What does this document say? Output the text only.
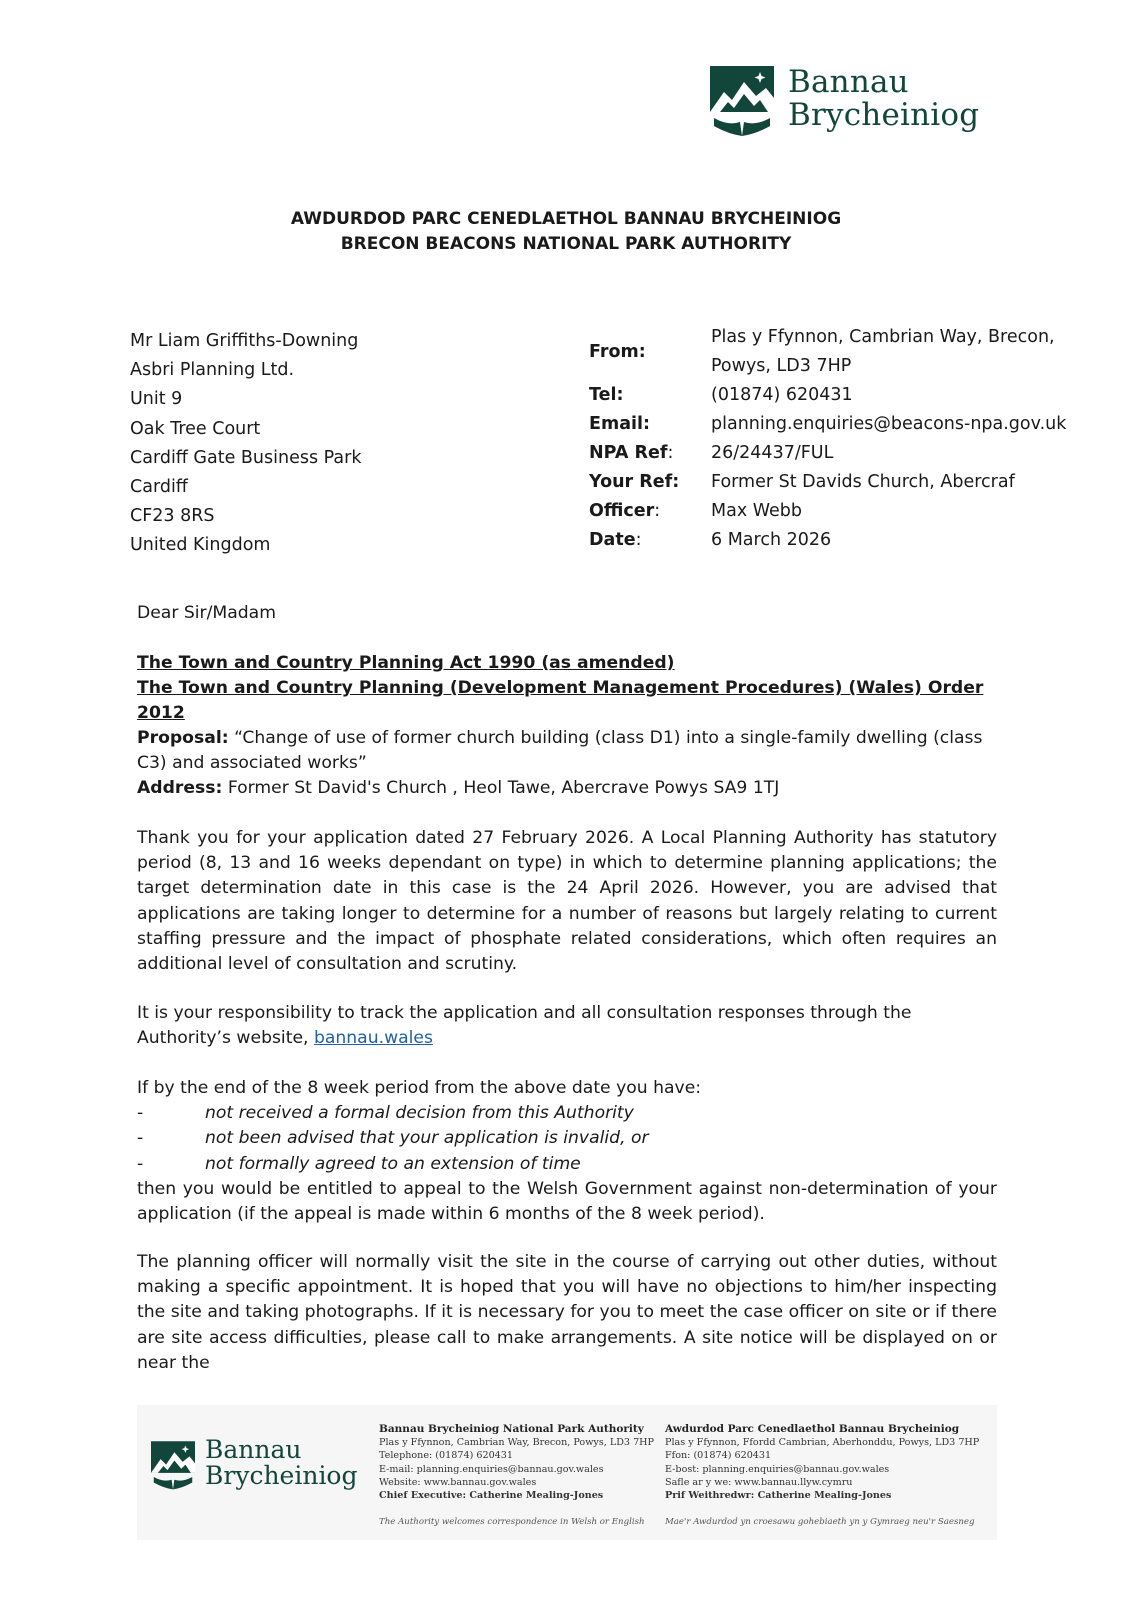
Bannau
Brycheiniog
AWDURDOD PARC CENEDLAETHOL BANNAU BRYCHEINIOG
BRECON BEACONS NATIONAL PARK AUTHORITY
Mr Liam Griffiths-Downing
Asbri Planning Ltd.
Unit 9
Oak Tree Court
Cardiff Gate Business Park
Cardiff
CF23 8RS
United Kingdom
From:
Plas y Ffynnon, Cambrian Way, Brecon,
Powys, LD3 7HP
Tel:	(01874) 620431
Email:	planning.enquiries@beacons-npa.gov.uk
NPA Ref: 26/24437/FUL
Your Ref: Former St Davids Church, Abercraf
Officer:	Max Webb
Date:	6 March 2026
Dear Sir/Madam
The Town and Country Planning Act 1990 (as amended)
The Town and Country Planning (Development Management Procedures) (Wales) Order 2012
Proposal: “Change of use of former church building (class D1) into a single-family dwelling (class C3) and associated works”
Address: Former St David's Church , Heol Tawe, Abercrave Powys SA9 1TJ
Thank you for your application dated 27 February 2026. A Local Planning Authority has statutory period (8, 13 and 16 weeks dependant on type) in which to determine planning applications; the target determination date in this case is the 24 April 2026. However, you are advised that applications are taking longer to determine for a number of reasons but largely relating to current staffing pressure and the impact of phosphate related considerations, which often requires an additional level of consultation and scrutiny.
It is your responsibility to track the application and all consultation responses through the Authority’s website, bannau.wales
If by the end of the 8 week period from the above date you have:
-	not received a formal decision from this Authority
-	not been advised that your application is invalid, or
-	not formally agreed to an extension of time
then you would be entitled to appeal to the Welsh Government against non-determination of your application (if the appeal is made within 6 months of the 8 week period).
The planning officer will normally visit the site in the course of carrying out other duties, without making a specific appointment. It is hoped that you will have no objections to him/her inspecting the site and taking photographs. If it is necessary for you to meet the case officer on site or if there are site access difficulties, please call to make arrangements. A site notice will be displayed on or near the
Bannau
Brycheiniog
Bannau Brycheiniog National Park Authority
Plas y Ffynnon, Cambrian Way, Brecon, Powys, LD3 7HP
Telephone: (01874) 620431
E-mail: planning.enquiries@bannau.gov.wales
Website: www.bannau.gov.wales
Chief Executive: Catherine Mealing-Jones
The Authority welcomes correspondence in Welsh or English
Awdurdod Parc Cenedlaethol Bannau Brycheiniog
Plas y Ffynnon, Ffordd Cambrian, Aberhonddu, Powys, LD3 7HP
Ffon: (01874) 620431
E-bost: planning.enquiries@bannau.gov.wales
Safle ar y we: www.bannau.llyw.cymru
Prif Weithredwr: Catherine Mealing-Jones
Mae'r Awdurdod yn croesawu gohebiaeth yn y Gymraeg neu'r Saesneg
